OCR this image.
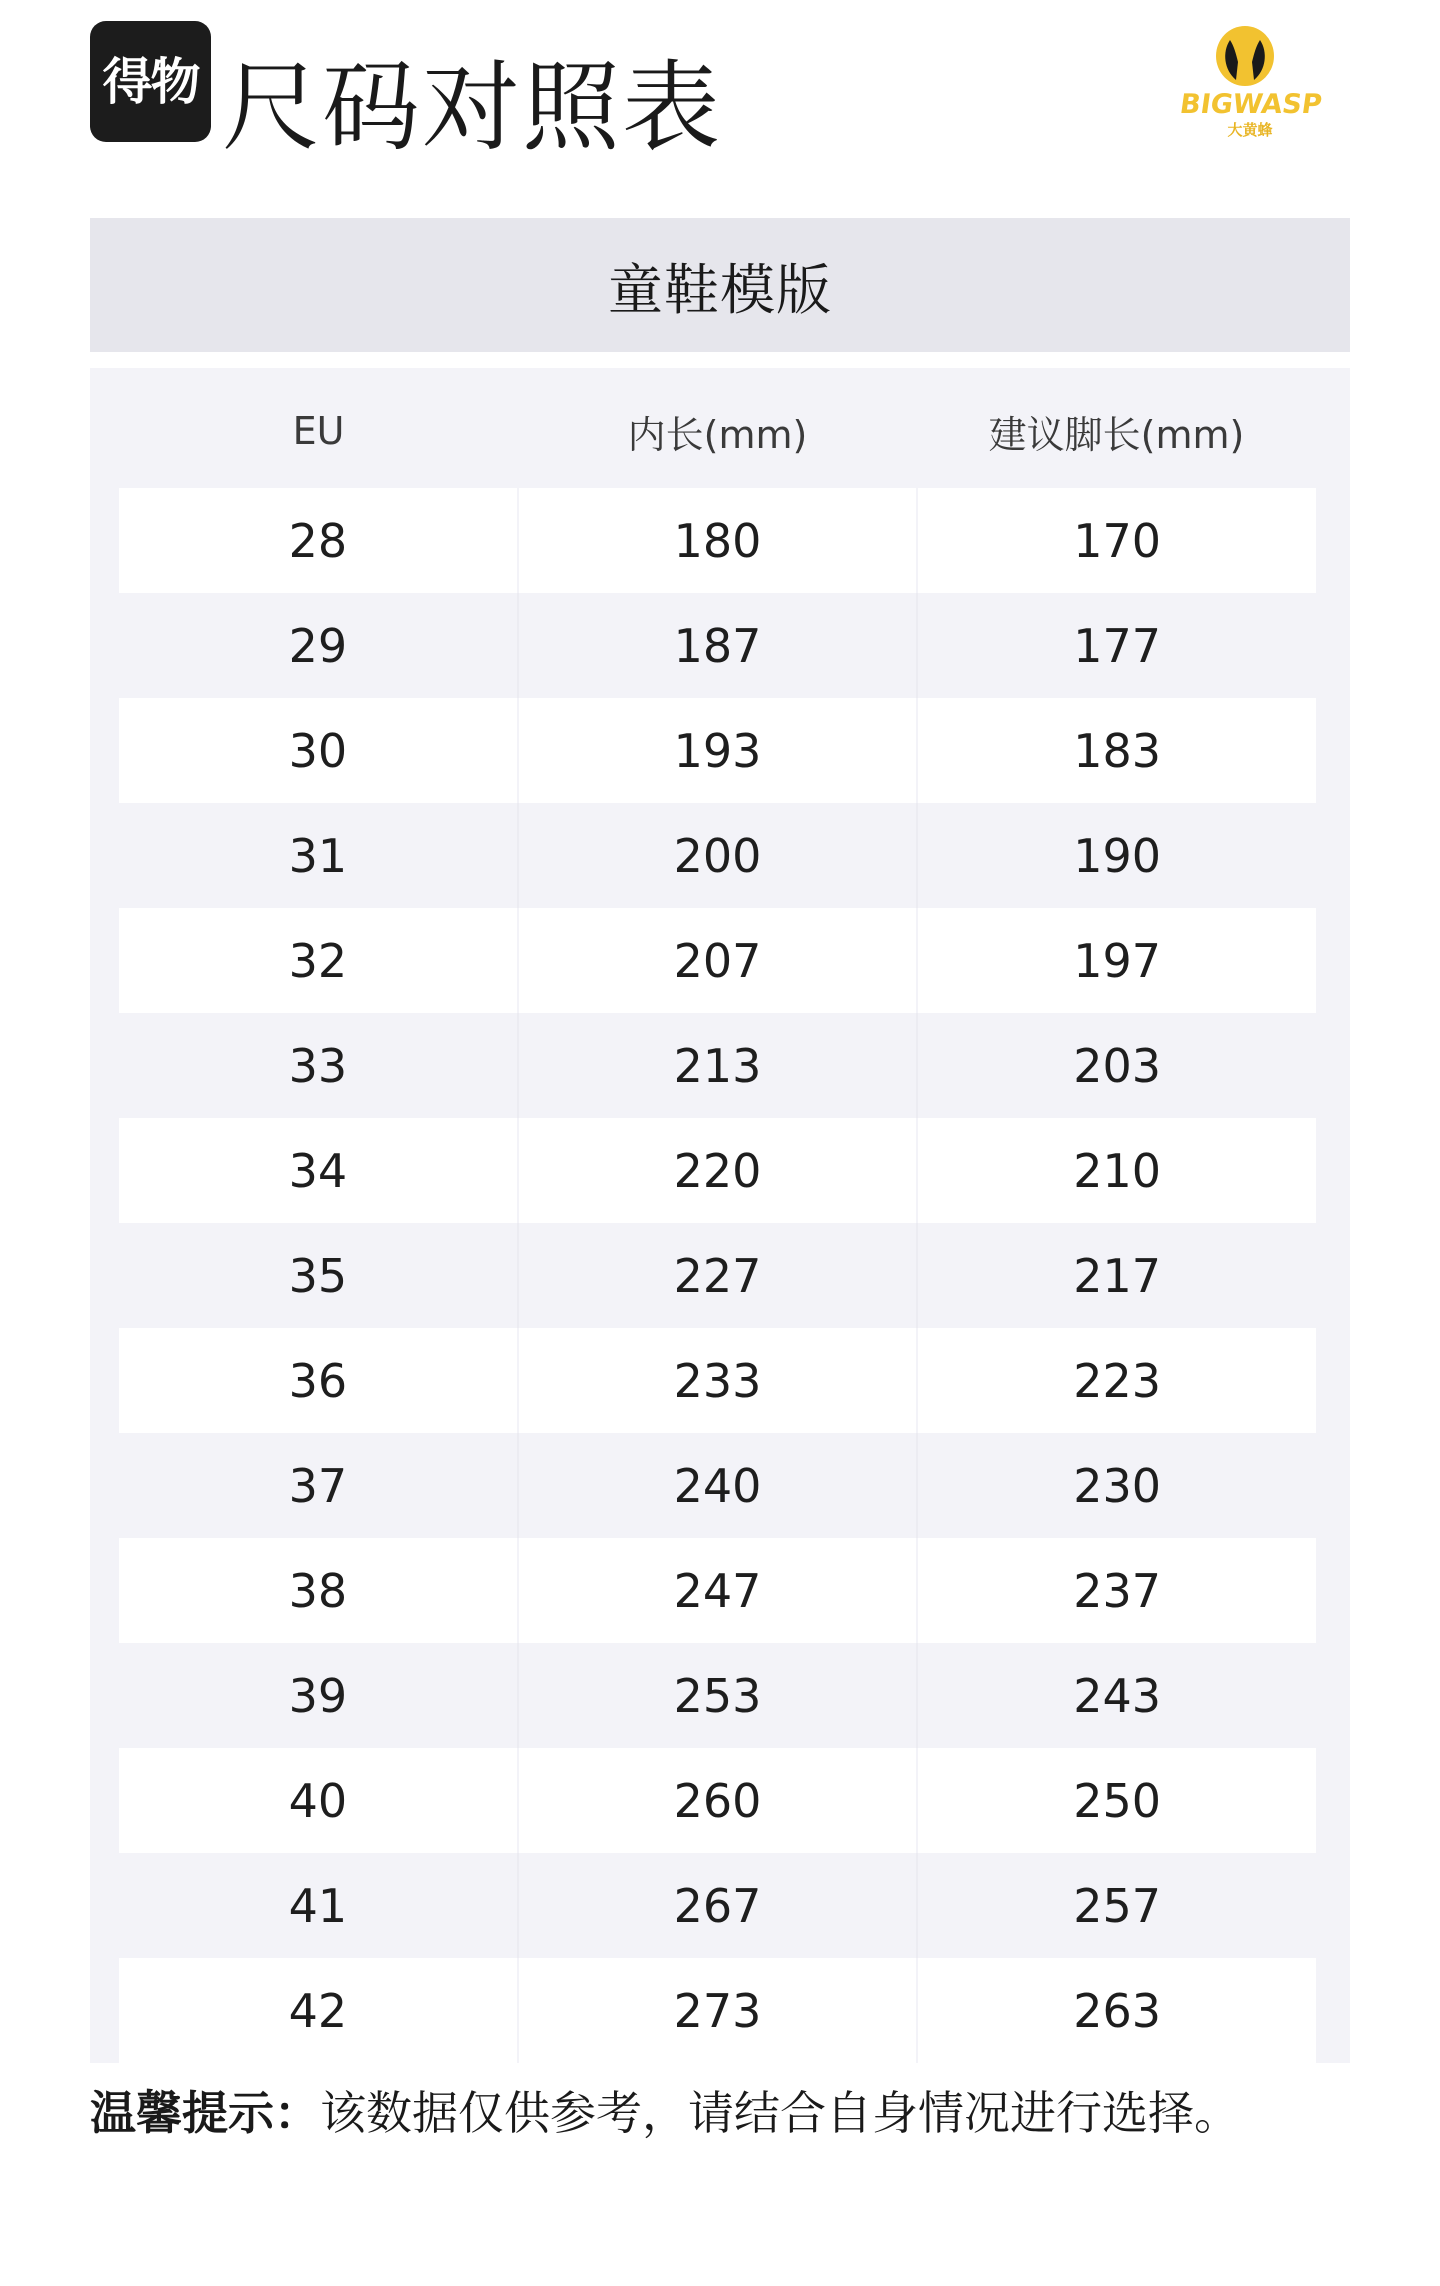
得物 尺码对照表	BIGWASP
大黄蜂
童鞋模版
EU	内长(mm)	建议脚长(mm)
28	180	170
29	187	177
30	193	183
31	200	190
32	207	197
33	213	203
34	220	210
35	227	217
36	233	223
37	240	230
38	247	237
39	253	243
40	260	250
41	267	257
42	273	263

温馨提示：该数据仅供参考，请结合自身情况进行选择。
